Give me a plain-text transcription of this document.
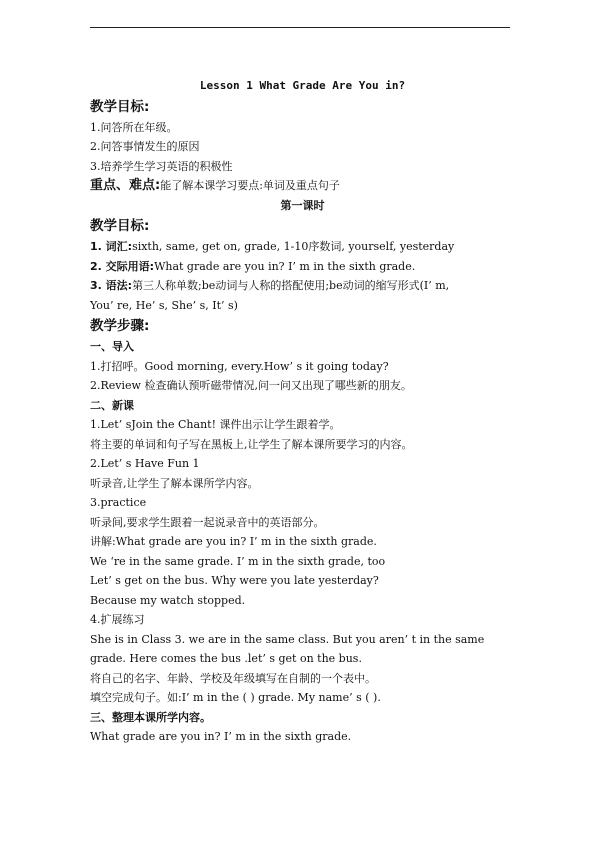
Lesson 1 What Grade Are You in?

教学目标:

1.问答所在年级。

2.问答事情发生的原因

3.培养学生学习英语的积极性

重点、难点:能了解本课学习要点:单词及重点句子

第一课时

教学目标:

1. 词汇:sixth, same, get on, grade, 1-10序数词, yourself, yesterday

2. 交际用语:What grade are you in? I’ m in the sixth grade.

3. 语法:第三人称单数;be动词与人称的搭配使用;be动词的缩写形式(I’ m,

You’ re, He’ s, She’ s, It’ s)

教学步骤:

一、导入

1.打招呼。Good morning, every.How’ s it going today?

2.Review 检查确认预听磁带情况,问一问又出现了哪些新的朋友。

二、新课

1.Let’ sJoin the Chant! 课件出示让学生跟着学。

将主要的单词和句子写在黑板上,让学生了解本课所要学习的内容。

2.Let’ s Have Fun 1

听录音,让学生了解本课所学内容。

3.practice

听录间,要求学生跟着一起说录音中的英语部分。

讲解:What grade are you in? I’ m in the sixth grade.

We ‘re in the same grade. I’ m in the sixth grade, too

Let’ s get on the bus. Why were you late yesterday?

Because my watch stopped.

4.扩展练习

She is in Class 3. we are in the same class. But you aren’ t in the same

grade. Here comes the bus .let’ s get on the bus.

将自己的名字、年龄、学校及年级填写在自制的一个表中。

填空完成句子。如:I’ m in the ( ) grade. My name’ s ( ).

三、整理本课所学内容。

What grade are you in? I’ m in the sixth grade.
